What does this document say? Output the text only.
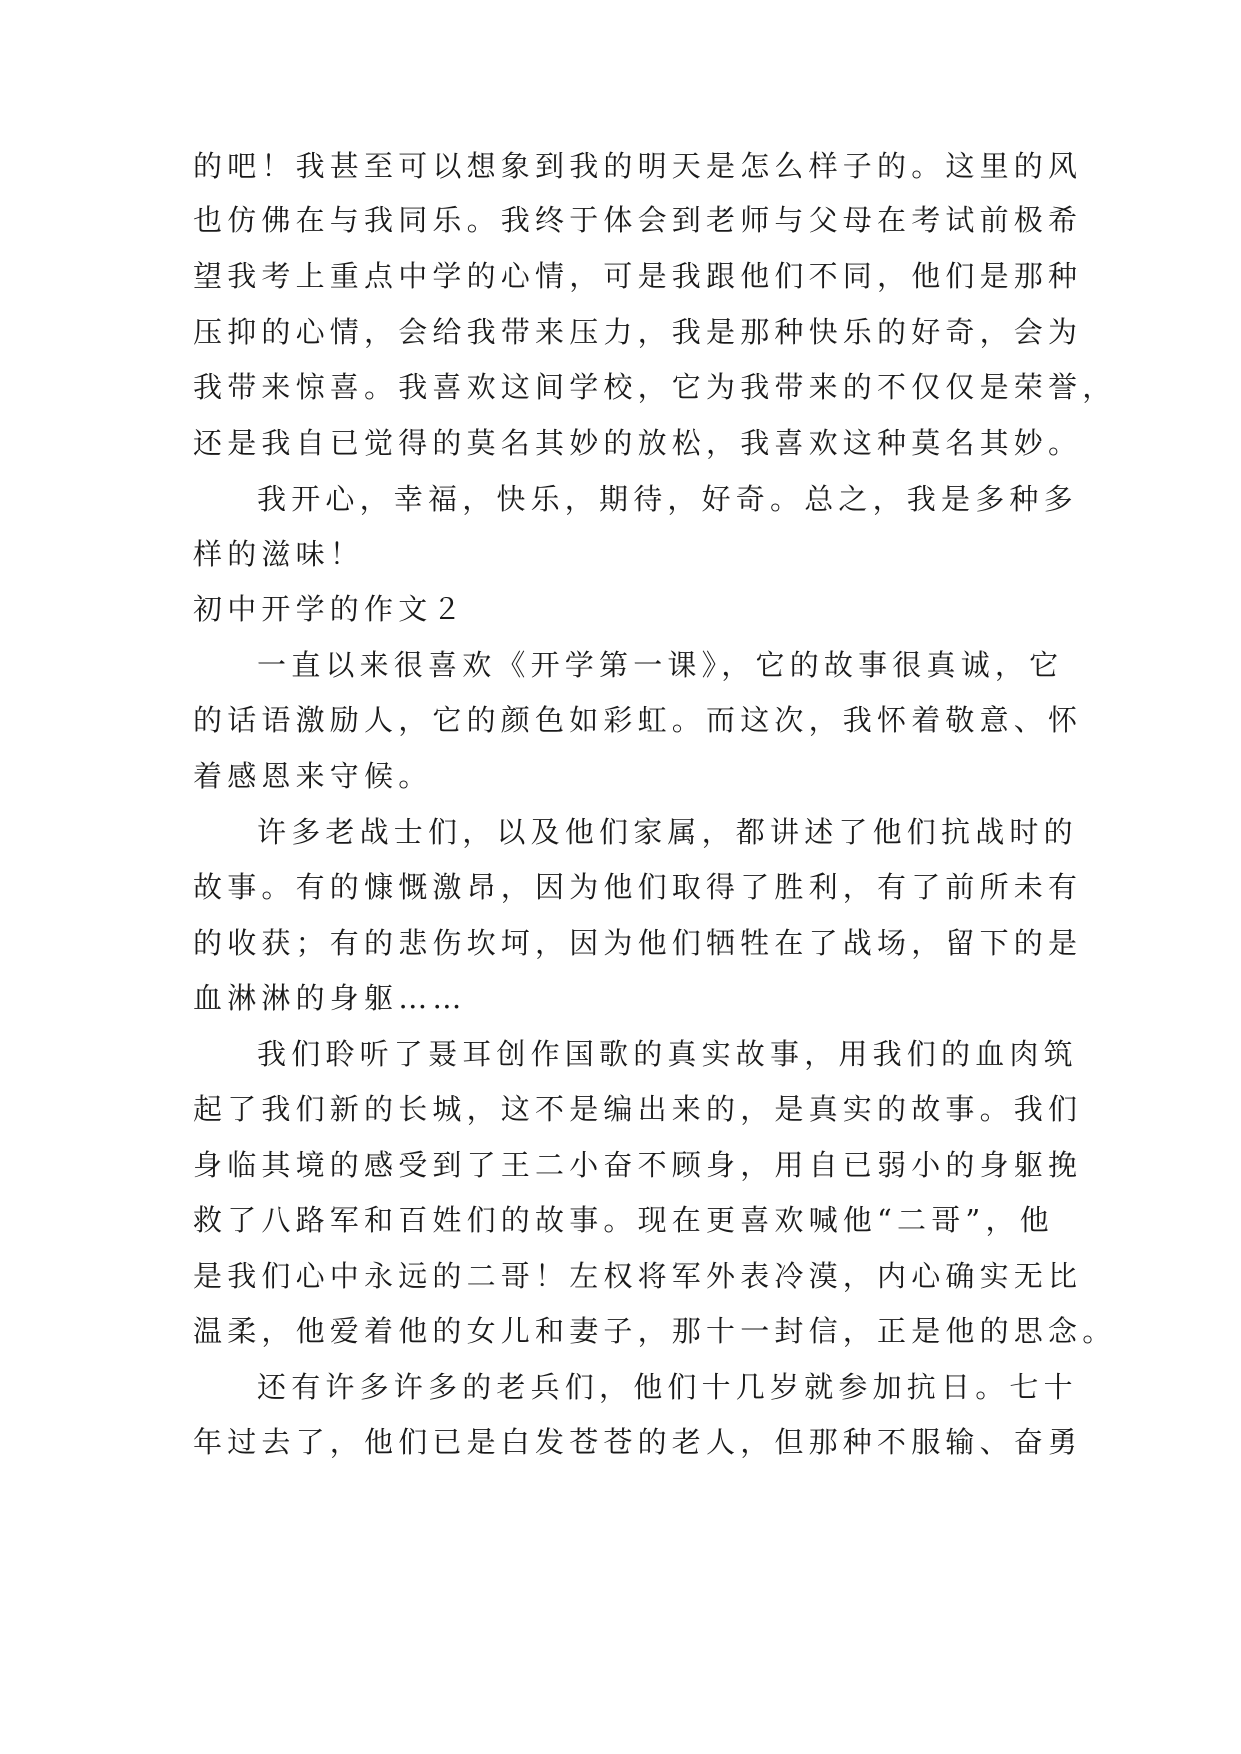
的吧！我甚至可以想象到我的明天是怎么样子的。这里的风
也仿佛在与我同乐。我终于体会到老师与父母在考试前极希
望我考上重点中学的心情，可是我跟他们不同，他们是那种
压抑的心情，会给我带来压力，我是那种快乐的好奇，会为
我带来惊喜。我喜欢这间学校，它为我带来的不仅仅是荣誉，
还是我自已觉得的莫名其妙的放松，我喜欢这种莫名其妙。
我开心，幸福，快乐，期待，好奇。总之，我是多种多
样的滋味！
初中开学的作文２
一直以来很喜欢《开学第一课》，它的故事很真诚，它
的话语激励人，它的颜色如彩虹。而这次，我怀着敬意、怀
着感恩来守候。
许多老战士们，以及他们家属，都讲述了他们抗战时的
故事。有的慷慨激昂，因为他们取得了胜利，有了前所未有
的收获；有的悲伤坎坷，因为他们牺牲在了战场，留下的是
血淋淋的身躯……
我们聆听了聂耳创作国歌的真实故事，用我们的血肉筑
起了我们新的长城，这不是编出来的，是真实的故事。我们
身临其境的感受到了王二小奋不顾身，用自已弱小的身躯挽
救了八路军和百姓们的故事。现在更喜欢喊他“二哥”，他
是我们心中永远的二哥！左权将军外表冷漠，内心确实无比
温柔，他爱着他的女儿和妻子，那十一封信，正是他的思念。
还有许多许多的老兵们，他们十几岁就参加抗日。七十
年过去了，他们已是白发苍苍的老人，但那种不服输、奋勇
